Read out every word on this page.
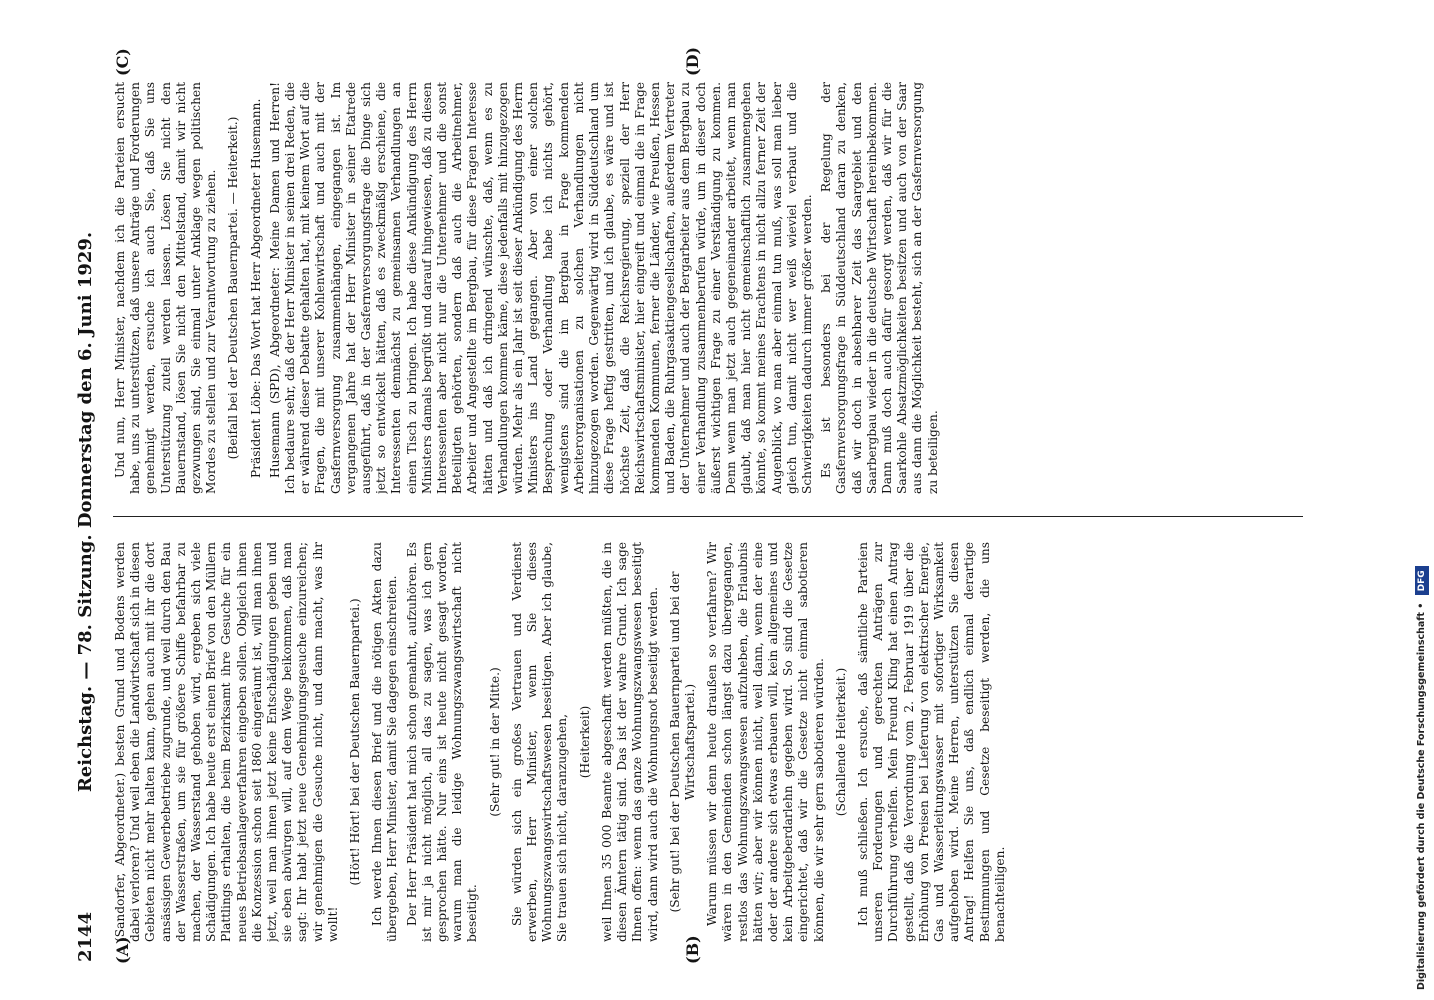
2144
Reichstag. — 78. Sitzung. Donnerstag den 6. Juni 1929.
(A)	(B)
(C)	(D)

(Sandorfer, Abgeordneter.) besten Grund und Bodens werden dabei verloren? Und weil eben die Landwirtschaft sich in diesen Gebieten nicht mehr halten kann, gehen auch mit ihr die dort ansässigen Gewerbebetriebe zugrunde, und weil durch den Bau der Wasserstraßen, um sie für größere Schiffe befahrbar zu machen, der Wasserstand gehoben wird, ergeben sich viele Schädigungen. Ich habe heute erst einen Brief von den Müllern Plattlings erhalten, die beim Bezirksamt ihre Gesuche für ein neues Betriebsanlageverfahren eingeben sollen. Obgleich ihnen die Konzession schon seit 1860 eingeräumt ist, will man ihnen jetzt, weil man ihnen jetzt keine Entschädigungen geben und sie eben abwürgen will, auf dem Wege beikommen, daß man sagt: Ihr habt jetzt neue Genehmigungsgesuche einzureichen; wir genehmigen die Gesuche nicht, und dann macht, was ihr wollt!

(Hört! Hört! bei der Deutschen Bauernpartei.) Ich werde Ihnen diesen Brief und die nötigen Akten dazu übergeben, Herr Minister, damit Sie dagegen einschreiten. Der Herr Präsident hat mich schon gemahnt, aufzuhören. Es ist mir ja nicht möglich, all das zu sagen, was ich gern gesprochen hätte. Nur eins ist heute nicht gesagt worden, warum man die leidige Wohnungszwangswirtschaft nicht beseitigt.

(Sehr gut! in der Mitte.) Sie würden sich ein großes Vertrauen und Verdienst erwerben, Herr Minister, wenn Sie dieses Wohnungszwangswirtschaftswesen beseitigen. Aber ich glaube, Sie trauen sich nicht, daranzugehen, (Heiterkeit) weil Ihnen 35 000 Beamte abgeschafft werden müßten, die in diesen Ämtern tätig sind. Das ist der wahre Grund. Ich sage Ihnen offen: wenn das ganze Wohnungszwangswesen beseitigt wird, dann wird auch die Wohnungsnot beseitigt werden. (Sehr gut! bei der Deutschen Bauernpartei und bei der Wirtschaftspartei.) Warum müssen wir denn heute draußen so verfahren? Wir wären in den Gemeinden schon längst dazu übergegangen, restlos das Wohnungszwangswesen aufzuheben, die Erlaubnis hätten wir; aber wir können nicht, weil dann, wenn der eine oder der andere sich etwas erbauen will, kein allgemeines und kein Arbeitgeberdarlehn gegeben wird. So sind die Gesetze eingerichtet, daß wir die Gesetze nicht einmal sabotieren können, die wir sehr gern sabotieren würden. (Schallende Heiterkeit.) Ich muß schließen. Ich ersuche, daß sämtliche Parteien unseren Forderungen und gerechten Anträgen zur Durchführung verhelfen. Mein Freund Kling hat einen Antrag gestellt, daß die Verordnung vom 2. Februar 1919 über die Erhöhung von Preisen bei Lieferung von elektrischer Energie, Gas und Wasserleitungswasser mit sofortiger Wirksamkeit aufgehoben wird. Meine Herren, unterstützen Sie diesen Antrag! Helfen Sie uns, daß endlich einmal derartige Bestimmungen und Gesetze beseitigt werden, die uns benachteiligen.

Und nun, Herr Minister, nachdem ich die Parteien ersucht habe, uns zu unterstützen, daß unsere Anträge und Forderungen genehmigt werden, ersuche ich auch Sie, daß Sie uns Unterstützung zuteil werden lassen. Lösen Sie nicht den Bauernstand, lösen Sie nicht den Mittelstand, damit wir nicht gezwungen sind, Sie einmal unter Anklage wegen politischen Mordes zu stellen und zur Verantwortung zu ziehen. (Beifall bei der Deutschen Bauernpartei. — Heiterkeit.) Präsident Löbe: Das Wort hat Herr Abgeordneter Husemann. Husemann (SPD), Abgeordneter: Meine Damen und Herren! Ich bedaure sehr, daß der Herr Minister in seinen drei Reden, die er während dieser Debatte gehalten hat, mit keinem Wort auf die Fragen, die mit unserer Kohlenwirtschaft und auch mit der Gasfernversorgung zusammenhängen, eingegangen ist. Im vergangenen Jahre hat der Herr Minister in seiner Etatrede ausgeführt, daß in der Gasfernversorgungsfrage die Dinge sich jetzt so entwickelt hätten, daß es zweckmäßig erschiene, die Interessenten demnächst zu gemeinsamen Verhandlungen an einen Tisch zu bringen. Ich habe diese Ankündigung des Herrn Ministers damals begrüßt und darauf hingewiesen, daß zu diesen Interessenten aber nicht nur die Unternehmer und die sonst Beteiligten gehörten, sondern daß auch die Arbeitnehmer, Arbeiter und Angestellte im Bergbau, für diese Fragen Interesse hätten und daß ich dringend wünschte, daß, wenn es zu Verhandlungen kommen käme, diese jedenfalls mit hinzugezogen würden. Mehr als ein Jahr ist seit dieser Ankündigung des Herrn Ministers ins Land gegangen. Aber von einer solchen Besprechung oder Verhandlung habe ich nichts gehört, wenigstens sind die im Bergbau in Frage kommenden Arbeiterorganisationen zu solchen Verhandlungen nicht hinzugezogen worden. Gegenwärtig wird in Süddeutschland um diese Frage heftig gestritten, und ich glaube, es wäre und ist höchste Zeit, daß die Reichsregierung, speziell der Herr Reichswirtschaftsminister, hier eingreift und einmal die in Frage kommenden Kommunen, ferner die Länder, wie Preußen, Hessen und Baden, die Ruhrgasaktiengesellschaften, außerdem Vertreter der Unternehmer und auch der Bergarbeiter aus dem Bergbau zu einer Verhandlung zusammenberufen würde, um in dieser doch äußerst wichtigen Frage zu einer Verständigung zu kommen. Denn wenn man jetzt auch gegeneinander arbeitet, wenn man glaubt, daß man hier nicht gemeinschaftlich zusammengehen könnte, so kommt meines Erachtens in nicht allzu ferner Zeit der Augenblick, wo man aber einmal tun muß, was soll man lieber gleich tun, damit nicht wer weiß wieviel verbaut und die Schwierigkeiten dadurch immer größer werden. Es ist besonders bei der Regelung der Gasfernversorgungsfrage in Süddeutschland daran zu denken, daß wir doch in absehbarer Zeit das Saargebiet und den Saarbergbau wieder in die deutsche Wirtschaft hereinbekommen. Dann muß doch auch dafür gesorgt werden, daß wir für die Saarkohle Absatzmöglichkeiten besitzen und auch von der Saar aus dann die Möglichkeit besteht, sich an der Gasfernversorgung zu beteiligen.

Digitalisierung gefördert durch die Deutsche Forschungsgemeinschaft • DFG
